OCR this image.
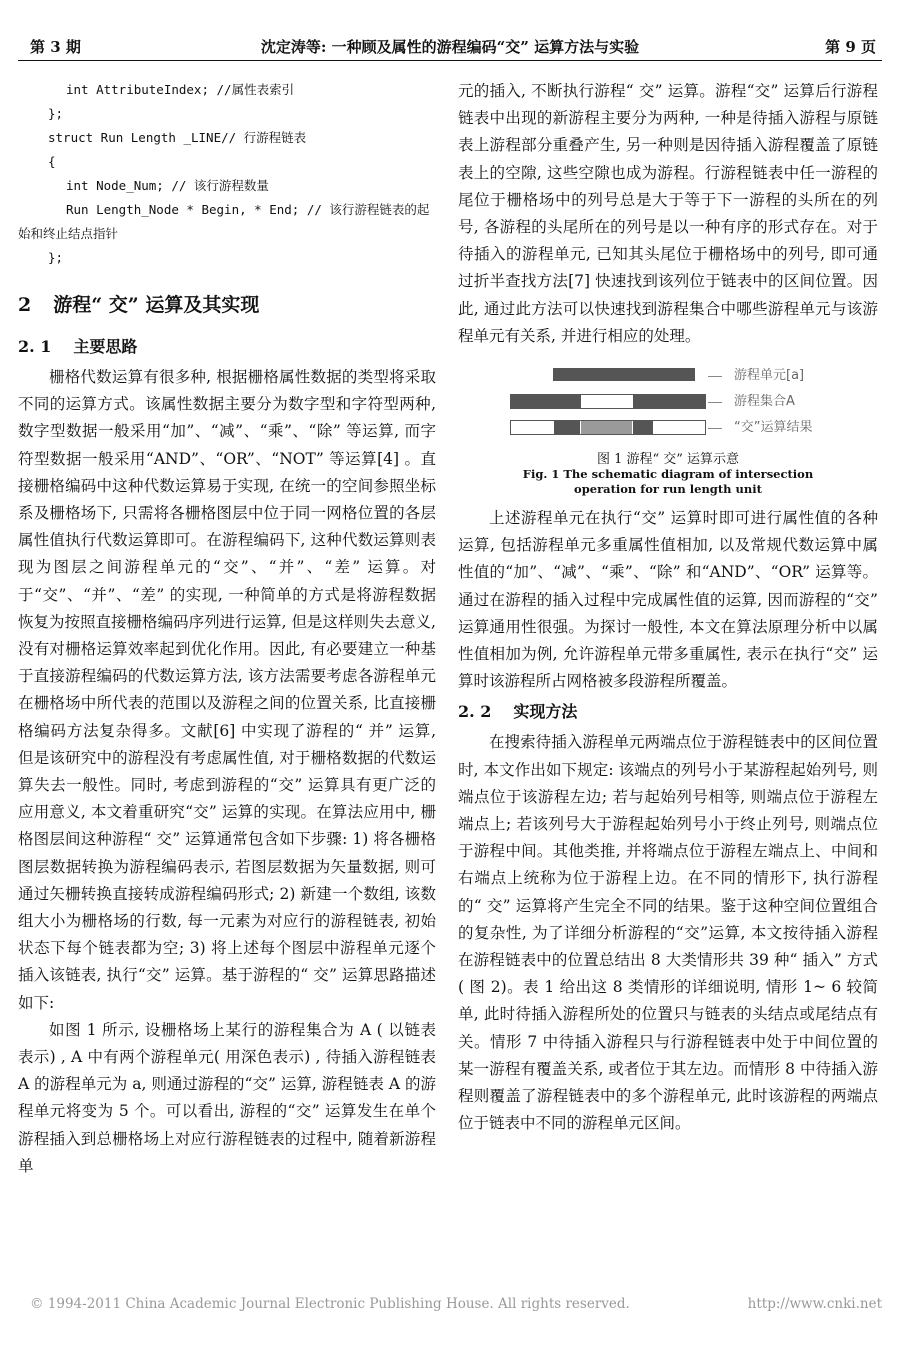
第 3 期	沈定涛等: 一种顾及属性的游程编码“交” 运算方法与实验	第 9 页
int AttributeIndex; //属性表索引
};
struct Run Length _LINE// 行游程链表
{
int Node_Num; // 该行游程数量
Run Length_Node * Begin, * End; // 该行游程链表的起始和终止结点指针
};
2 游程“ 交” 运算及其实现
2. 1 主要思路

栅格代数运算有很多种, 根据栅格属性数据的类型将采取不同的运算方式。该属性数据主要分为数字型和字符型两种, 数字型数据一般采用“加”、“减”、“乘”、“除” 等运算, 而字符型数据一般采用“AND”、“OR”、“NOT” 等运算[4] 。直接栅格编码中这种代数运算易于实现, 在统一的空间参照坐标系及栅格场下, 只需将各栅格图层中位于同一网格位置的各层属性值执行代数运算即可。在游程编码下, 这种代数运算则表现为图层之间游程单元的“交”、“并”、“差” 运算。对于“交”、“并”、“差” 的实现, 一种简单的方式是将游程数据恢复为按照直接栅格编码序列进行运算, 但是这样则失去意义, 没有对栅格运算效率起到优化作用。因此, 有必要建立一种基于直接游程编码的代数运算方法, 该方法需要考虑各游程单元在栅格场中所代表的范围以及游程之间的位置关系, 比直接栅格编码方法复杂得多。文献[6] 中实现了游程的“ 并” 运算, 但是该研究中的游程没有考虑属性值, 对于栅格数据的代数运算失去一般性。同时, 考虑到游程的“交” 运算具有更广泛的应用意义, 本文着重研究“交” 运算的实现。在算法应用中, 栅格图层间这种游程“ 交” 运算通常包含如下步骤: 1) 将各栅格图层数据转换为游程编码表示, 若图层数据为矢量数据, 则可通过矢栅转换直接转成游程编码形式; 2) 新建一个数组, 该数组大小为栅格场的行数, 每一元素为对应行的游程链表, 初始状态下每个链表都为空; 3) 将上述每个图层中游程单元逐个插入该链表, 执行“交” 运算。基于游程的“ 交” 运算思路描述如下:

如图 1 所示, 设栅格场上某行的游程集合为 A ( 以链表表示) , A 中有两个游程单元( 用深色表示) , 待插入游程链表 A 的游程单元为 a, 则通过游程的“交” 运算, 游程链表 A 的游程单元将变为 5 个。可以看出, 游程的“交” 运算发生在单个游程插入到总栅格场上对应行游程链表的过程中, 随着新游程单

元的插入, 不断执行游程“ 交” 运算。游程“交” 运算后行游程链表中出现的新游程主要分为两种, 一种是待插入游程与原链表上游程部分重叠产生, 另一种则是因待插入游程覆盖了原链表上的空隙, 这些空隙也成为游程。行游程链表中任一游程的尾位于栅格场中的列号总是大于等于下一游程的头所在的列号, 各游程的头尾所在的列号是以一种有序的形式存在。对于待插入的游程单元, 已知其头尾位于栅格场中的列号, 即可通过折半查找方法[7] 快速找到该列位于链表中的区间位置。因此, 通过此方法可以快速找到游程集合中哪些游程单元与该游程单元有关系, 并进行相应的处理。

游程单元[a]
游程集合A
“交”运算结果
图 1 游程“ 交” 运算示意
Fig. 1 The schematic diagram of intersection
operation for run length unit

上述游程单元在执行“交” 运算时即可进行属性值的各种运算, 包括游程单元多重属性值相加, 以及常规代数运算中属性值的“加”、“减”、“乘”、“除” 和“AND”、“OR” 运算等。通过在游程的插入过程中完成属性值的运算, 因而游程的“交” 运算通用性很强。为探讨一般性, 本文在算法原理分析中以属性值相加为例, 允许游程单元带多重属性, 表示在执行“交” 运算时该游程所占网格被多段游程所覆盖。

2. 2 实现方法

在搜索待插入游程单元两端点位于游程链表中的区间位置时, 本文作出如下规定: 该端点的列号小于某游程起始列号, 则端点位于该游程左边; 若与起始列号相等, 则端点位于游程左端点上; 若该列号大于游程起始列号小于终止列号, 则端点位于游程中间。其他类推, 并将端点位于游程左端点上、中间和右端点上统称为位于游程上边。在不同的情形下, 执行游程的“ 交” 运算将产生完全不同的结果。鉴于这种空间位置组合的复杂性, 为了详细分析游程的“交”运算, 本文按待插入游程在游程链表中的位置总结出 8 大类情形共 39 种“ 插入” 方式( 图 2)。表 1 给出这 8 类情形的详细说明, 情形 1~ 6 较简单, 此时待插入游程所处的位置只与链表的头结点或尾结点有关。情形 7 中待插入游程只与行游程链表中处于中间位置的某一游程有覆盖关系, 或者位于其左边。而情形 8 中待插入游程则覆盖了游程链表中的多个游程单元, 此时该游程的两端点位于链表中不同的游程单元区间。

© 1994-2011 China Academic Journal Electronic Publishing House. All rights reserved.	http://www.cnki.net
